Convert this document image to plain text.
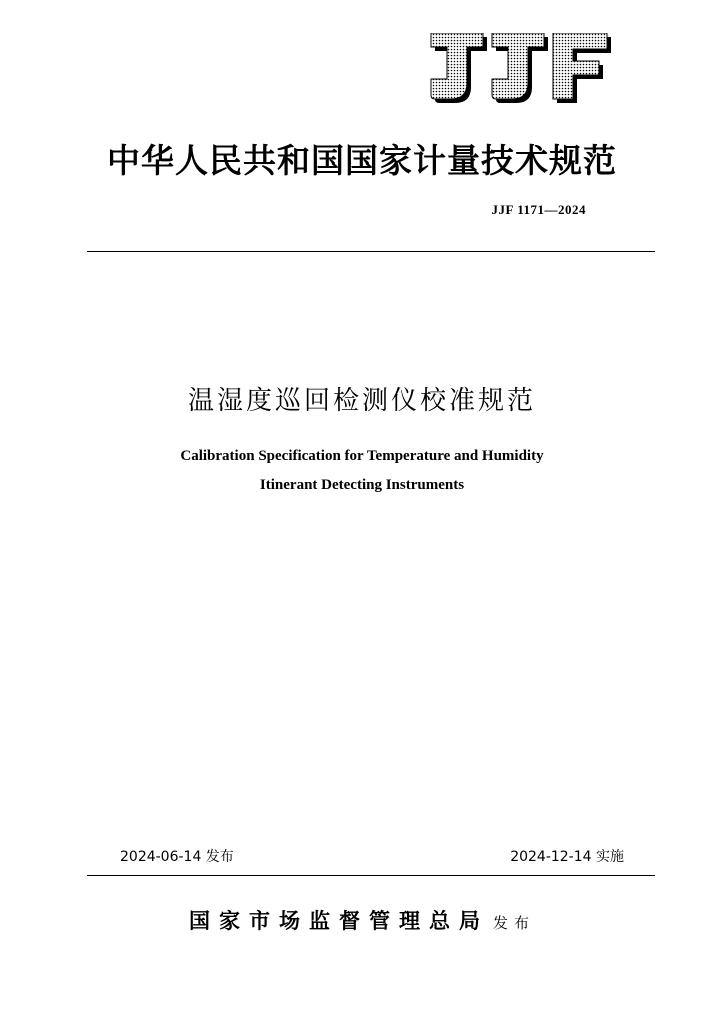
中华人民共和国国家计量技术规范
JJF 1171—2024
温湿度巡回检测仪校准规范
Calibration Specification for Temperature and Humidity
Itinerant Detecting Instruments
2024-06-14 发布	2024-12-14 实施
国家市场监督管理总局 发布
